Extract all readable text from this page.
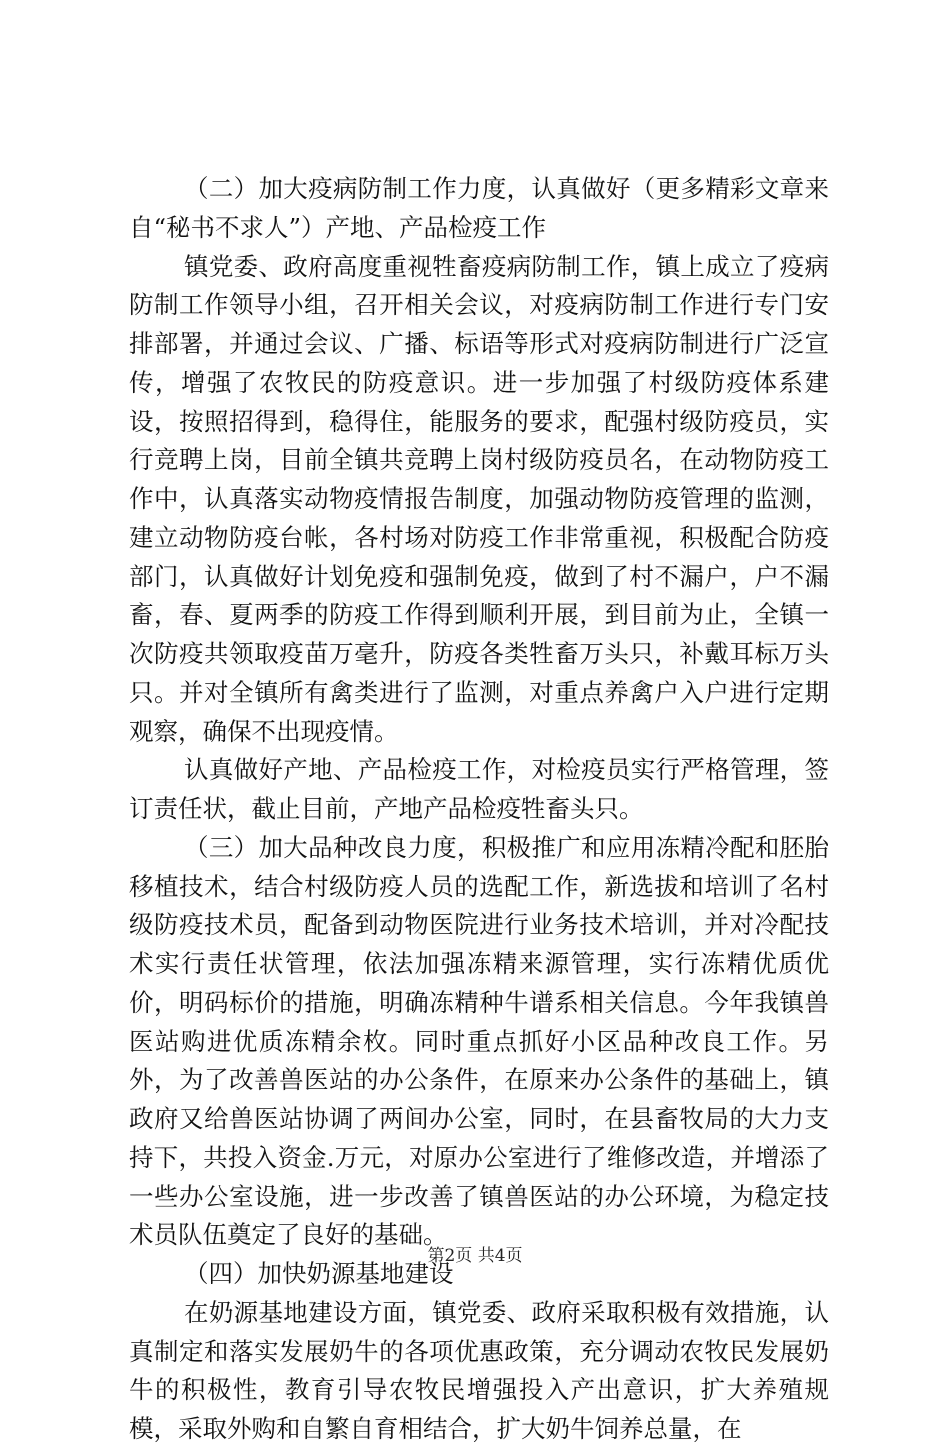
（二）加大疫病防制工作力度，认真做好（更多精彩文章来自“秘书不求人”）产地、产品检疫工作

镇党委、政府高度重视牲畜疫病防制工作，镇上成立了疫病防制工作领导小组，召开相关会议，对疫病防制工作进行专门安排部署，并通过会议、广播、标语等形式对疫病防制进行广泛宣传，增强了农牧民的防疫意识。进一步加强了村级防疫体系建设，按照招得到，稳得住，能服务的要求，配强村级防疫员，实行竞聘上岗，目前全镇共竞聘上岗村级防疫员名，在动物防疫工作中，认真落实动物疫情报告制度，加强动物防疫管理的监测，建立动物防疫台帐，各村场对防疫工作非常重视，积极配合防疫部门，认真做好计划免疫和强制免疫，做到了村不漏户，户不漏畜，春、夏两季的防疫工作得到顺利开展，到目前为止，全镇一次防疫共领取疫苗万毫升，防疫各类牲畜万头只，补戴耳标万头只。并对全镇所有禽类进行了监测，对重点养禽户入户进行定期观察，确保不出现疫情。

认真做好产地、产品检疫工作，对检疫员实行严格管理，签订责任状，截止目前，产地产品检疫牲畜头只。

（三）加大品种改良力度，积极推广和应用冻精冷配和胚胎移植技术，结合村级防疫人员的选配工作，新选拔和培训了名村级防疫技术员，配备到动物医院进行业务技术培训，并对冷配技术实行责任状管理，依法加强冻精来源管理，实行冻精优质优价，明码标价的措施，明确冻精种牛谱系相关信息。今年我镇兽医站购进优质冻精余枚。同时重点抓好小区品种改良工作。另外，为了改善兽医站的办公条件，在原来办公条件的基础上，镇政府又给兽医站协调了两间办公室，同时，在县畜牧局的大力支持下，共投入资金.万元，对原办公室进行了维修改造，并增添了一些办公室设施，进一步改善了镇兽医站的办公环境，为稳定技术员队伍奠定了良好的基础。

（四）加快奶源基地建设

在奶源基地建设方面，镇党委、政府采取积极有效措施，认真制定和落实发展奶牛的各项优惠政策，充分调动农牧民发展奶牛的积极性，教育引导农牧民增强投入产出意识，扩大养殖规模，采取外购和自繁自育相结合，扩大奶牛饲养总量，在

第2页 共4页
